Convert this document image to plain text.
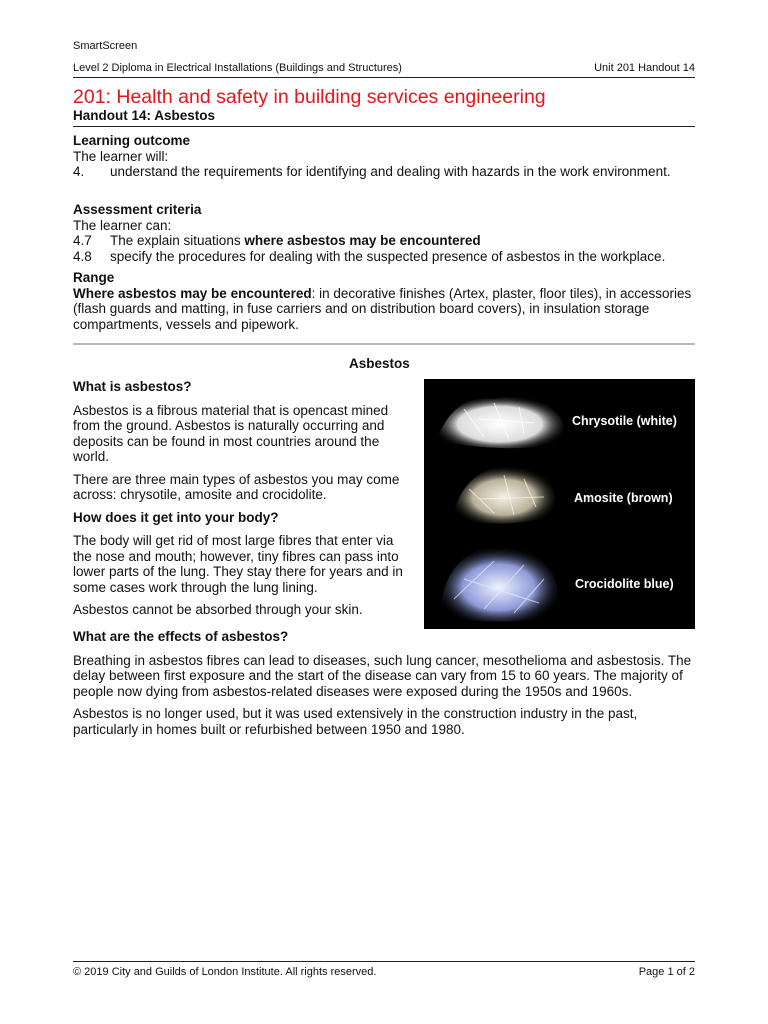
SmartScreen
Level 2 Diploma in Electrical Installations (Buildings and Structures)	Unit 201 Handout 14
201: Health and safety in building services engineering
Handout 14: Asbestos
Learning outcome
The learner will:
4.	understand the requirements for identifying and dealing with hazards in the work environment.
Assessment criteria
The learner can:
4.7	The explain situations where asbestos may be encountered
4.8	specify the procedures for dealing with the suspected presence of asbestos in the workplace.
Range
Where asbestos may be encountered: in decorative finishes (Artex, plaster, floor tiles), in accessories (flash guards and matting, in fuse carriers and on distribution board covers), in insulation storage compartments, vessels and pipework.
Asbestos

What is asbestos?

Asbestos is a fibrous material that is opencast mined from the ground. Asbestos is naturally occurring and deposits can be found in most countries around the world.

There are three main types of asbestos you may come across: chrysotile, amosite and crocidolite.

How does it get into your body?

The body will get rid of most large fibres that enter via the nose and mouth; however, tiny fibres can pass into lower parts of the lung. They stay there for years and in some cases work through the lung lining.

Asbestos cannot be absorbed through your skin.

Chrysotile (white)
Amosite (brown)
Crocidolite blue)

What are the effects of asbestos?

Breathing in asbestos fibres can lead to diseases, such lung cancer, mesothelioma and asbestosis. The delay between first exposure and the start of the disease can vary from 15 to 60 years. The majority of people now dying from asbestos-related diseases were exposed during the 1950s and 1960s.

Asbestos is no longer used, but it was used extensively in the construction industry in the past, particularly in homes built or refurbished between 1950 and 1980.

© 2019 City and Guilds of London Institute. All rights reserved.	Page 1 of 2
